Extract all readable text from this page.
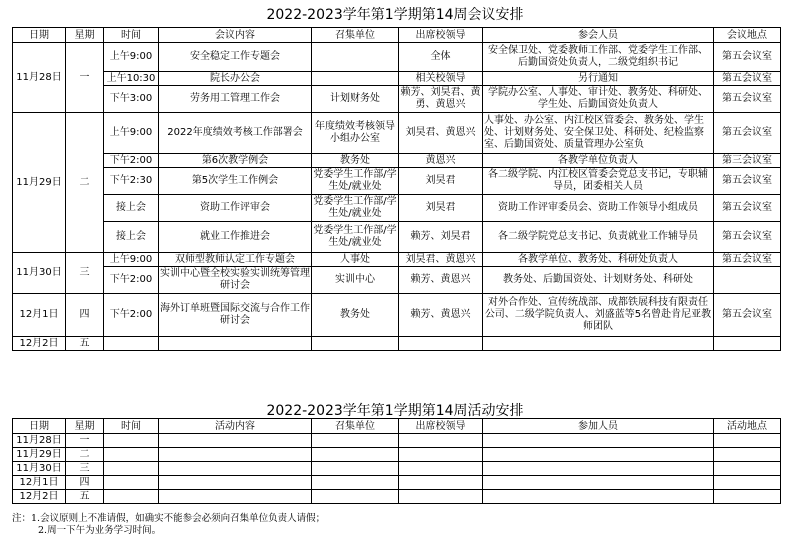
2022-2023学年第1学期第14周会议安排
日期	星期	时间	会议内容	召集单位	出席校领导	参会人员	会议地点
11月28日	一	上午9:00	安全稳定工作专题会		全体	安全保卫处、党委教师工作部、党委学生工作部、后勤国资处负责人，二级党组织书记	第五会议室
		上午10:30	院长办公会		相关校领导	另行通知	第五会议室
		下午3:00	劳务用工管理工作会	计划财务处	赖芳、刘昊君、黄勇、黄恩兴	学院办公室、人事处、审计处、教务处、科研处、学生处、后勤国资处负责人	第五会议室
11月29日	二	上午9:00	2022年度绩效考核工作部署会	年度绩效考核领导小组办公室	刘昊君、黄恩兴	人事处、办公室、内江校区管委会、教务处、学生处、计划财务处、安全保卫处、科研处、纪检监察室、后勤国资处、质量管理办公室负	第五会议室
		下午2:00	第6次教学例会	教务处	黄恩兴	各教学单位负责人	第三会议室
		下午2:30	第5次学生工作例会	党委学生工作部/学生处/就业处	刘昊君	各二级学院、内江校区管委会党总支书记，专职辅导员，团委相关人员	第五会议室
		接上会	资助工作评审会	党委学生工作部/学生处/就业处	刘昊君	资助工作评审委员会、资助工作领导小组成员	第五会议室
		接上会	就业工作推进会	党委学生工作部/学生处/就业处	赖芳、刘昊君	各二级学院党总支书记、负责就业工作辅导员	第五会议室
11月30日	三	上午9:00	双师型教师认定工作专题会	人事处	刘昊君、黄恩兴	各教学单位、教务处、科研处负责人	第五会议室
		下午2:00	实训中心暨全校实验实训统筹管理研讨会	实训中心	赖芳、黄恩兴	教务处、后勤国资处、计划财务处、科研处	
12月1日	四	下午2:00	海外订单班暨国际交流与合作工作研讨会	教务处	赖芳、黄恩兴	对外合作处、宣传统战部、成都铁展科技有限责任公司、二级学院负责人、刘盛蓝等5名曾赴肯尼亚教师团队	第五会议室
12月2日	五						
2022-2023学年第1学期第14周活动安排
日期	星期	时间	活动内容	召集单位	出席校领导	参加人员	活动地点
11月28日	一						
11月29日	二						
11月30日	三						
12月1日	四						
12月2日	五						
注：1.会议原则上不准请假，如确实不能参会必须向召集单位负责人请假；
2.周一下午为业务学习时间。
